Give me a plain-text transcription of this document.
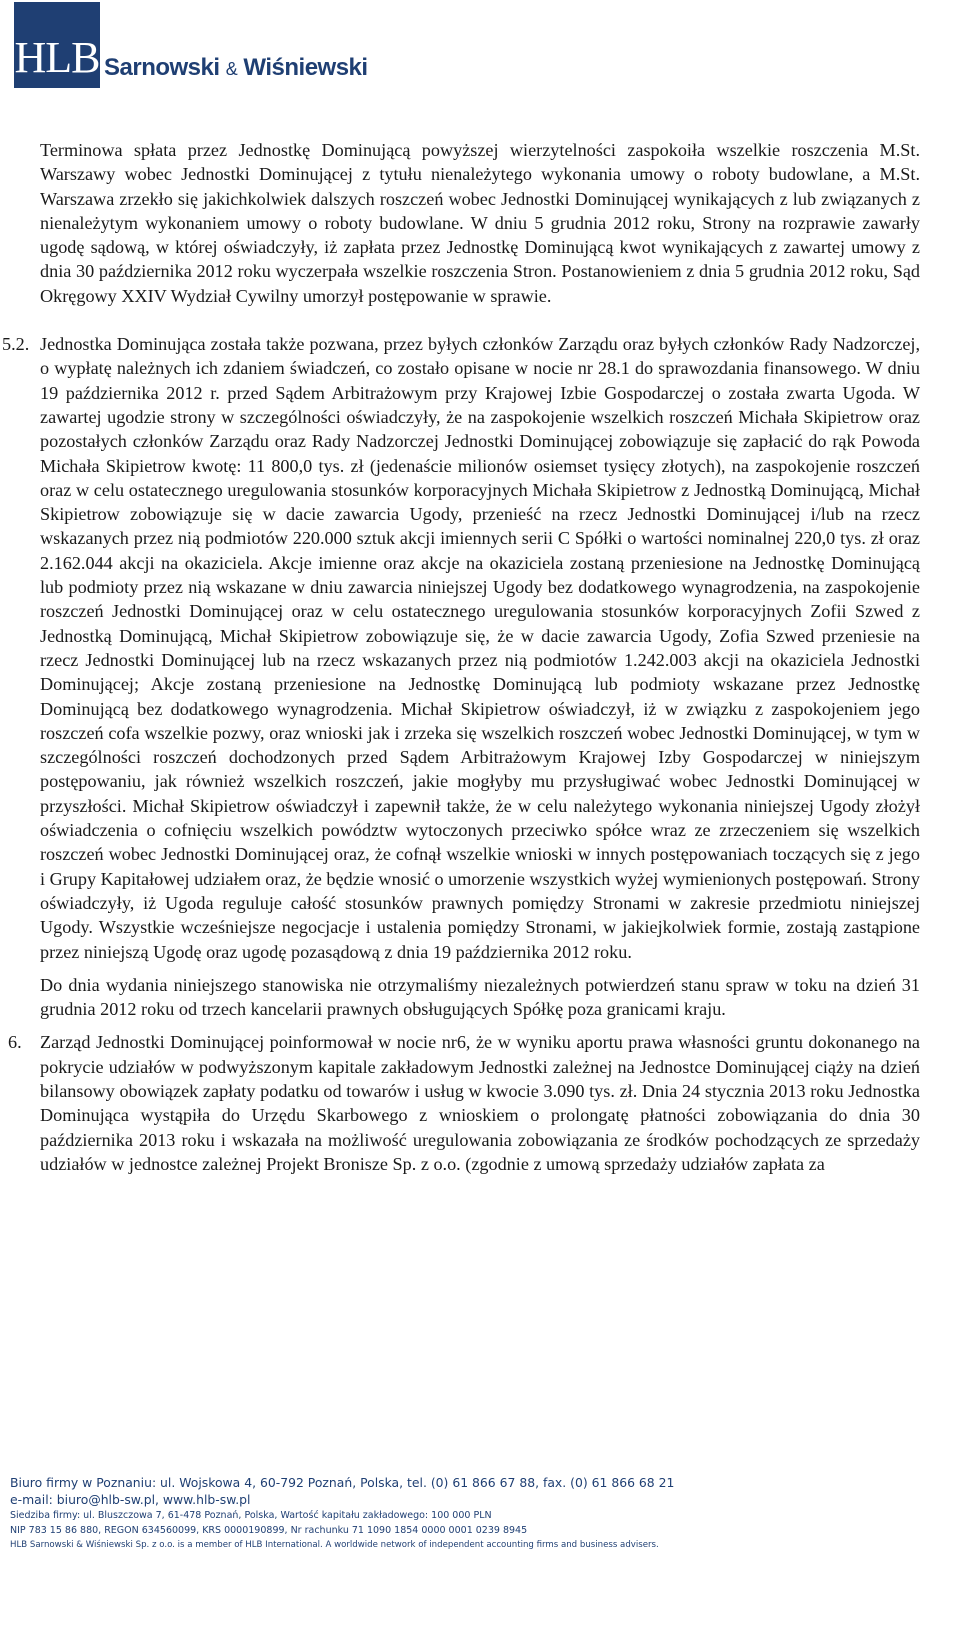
HLB Sarnowski & Wiśniewski

Terminowa spłata przez Jednostkę Dominującą powyższej wierzytelności zaspokoiła wszelkie roszczenia M.St. Warszawy wobec Jednostki Dominującej z tytułu nienależytego wykonania umowy o roboty budowlane, a M.St. Warszawa zrzekło się jakichkolwiek dalszych roszczeń wobec Jednostki Dominującej wynikających z lub związanych z nienależytym wykonaniem umowy o roboty budowlane. W dniu 5 grudnia 2012 roku, Strony na rozprawie zawarły ugodę sądową, w której oświadczyły, iż zapłata przez Jednostkę Dominującą kwot wynikających z zawartej umowy z dnia 30 października 2012 roku wyczerpała wszelkie roszczenia Stron. Postanowieniem z dnia 5 grudnia 2012 roku, Sąd Okręgowy XXIV Wydział Cywilny umorzył postępowanie w sprawie.

5.2. Jednostka Dominująca została także pozwana, przez byłych członków Zarządu oraz byłych członków Rady Nadzorczej, o wypłatę należnych ich zdaniem świadczeń, co zostało opisane w nocie nr 28.1 do sprawozdania finansowego. W dniu 19 października 2012 r. przed Sądem Arbitrażowym przy Krajowej Izbie Gospodarczej o została zwarta Ugoda. W zawartej ugodzie strony w szczególności oświadczyły, że na zaspokojenie wszelkich roszczeń Michała Skipietrow oraz pozostałych członków Zarządu oraz Rady Nadzorczej Jednostki Dominującej zobowiązuje się zapłacić do rąk Powoda Michała Skipietrow kwotę: 11 800,0 tys. zł (jedenaście milionów osiemset tysięcy złotych), na zaspokojenie roszczeń oraz w celu ostatecznego uregulowania stosunków korporacyjnych Michała Skipietrow z Jednostką Dominującą, Michał Skipietrow zobowiązuje się w dacie zawarcia Ugody, przenieść na rzecz Jednostki Dominującej i/lub na rzecz wskazanych przez nią podmiotów 220.000 sztuk akcji imiennych serii C Spółki o wartości nominalnej 220,0 tys. zł oraz 2.162.044 akcji na okaziciela. Akcje imienne oraz akcje na okaziciela zostaną przeniesione na Jednostkę Dominującą lub podmioty przez nią wskazane w dniu zawarcia niniejszej Ugody bez dodatkowego wynagrodzenia, na zaspokojenie roszczeń Jednostki Dominującej oraz w celu ostatecznego uregulowania stosunków korporacyjnych Zofii Szwed z Jednostką Dominującą, Michał Skipietrow zobowiązuje się, że w dacie zawarcia Ugody, Zofia Szwed przeniesie na rzecz Jednostki Dominującej lub na rzecz wskazanych przez nią podmiotów 1.242.003 akcji na okaziciela Jednostki Dominującej; Akcje zostaną przeniesione na Jednostkę Dominującą lub podmioty wskazane przez Jednostkę Dominującą bez dodatkowego wynagrodzenia. Michał Skipietrow oświadczył, iż w związku z zaspokojeniem jego roszczeń cofa wszelkie pozwy, oraz wnioski jak i zrzeka się wszelkich roszczeń wobec Jednostki Dominującej, w tym w szczególności roszczeń dochodzonych przed Sądem Arbitrażowym Krajowej Izby Gospodarczej w niniejszym postępowaniu, jak również wszelkich roszczeń, jakie mogłyby mu przysługiwać wobec Jednostki Dominującej w przyszłości. Michał Skipietrow oświadczył i zapewnił także, że w celu należytego wykonania niniejszej Ugody złożył oświadczenia o cofnięciu wszelkich powództw wytoczonych przeciwko spółce wraz ze zrzeczeniem się wszelkich roszczeń wobec Jednostki Dominującej oraz, że cofnął wszelkie wnioski w innych postępowaniach toczących się z jego i Grupy Kapitałowej udziałem oraz, że będzie wnosić o umorzenie wszystkich wyżej wymienionych postępowań. Strony oświadczyły, iż Ugoda reguluje całość stosunków prawnych pomiędzy Stronami w zakresie przedmiotu niniejszej Ugody. Wszystkie wcześniejsze negocjacje i ustalenia pomiędzy Stronami, w jakiejkolwiek formie, zostają zastąpione przez niniejszą Ugodę oraz ugodę pozasądową z dnia 19 października 2012 roku.

Do dnia wydania niniejszego stanowiska nie otrzymaliśmy niezależnych potwierdzeń stanu spraw w toku na dzień 31 grudnia 2012 roku od trzech kancelarii prawnych obsługujących Spółkę poza granicami kraju.

6. Zarząd Jednostki Dominującej poinformował w nocie nr6, że w wyniku aportu prawa własności gruntu dokonanego na pokrycie udziałów w podwyższonym kapitale zakładowym Jednostki zależnej na Jednostce Dominującej ciąży na dzień bilansowy obowiązek zapłaty podatku od towarów i usług w kwocie 3.090 tys. zł. Dnia 24 stycznia 2013 roku Jednostka Dominująca wystąpiła do Urzędu Skarbowego z wnioskiem o prolongatę płatności zobowiązania do dnia 30 października 2013 roku i wskazała na możliwość uregulowania zobowiązania ze środków pochodzących ze sprzedaży udziałów w jednostce zależnej Projekt Bronisze Sp. z o.o. (zgodnie z umową sprzedaży udziałów zapłata za

Biuro firmy w Poznaniu: ul. Wojskowa 4, 60-792 Poznań, Polska, tel. (0) 61 866 67 88, fax. (0) 61 866 68 21
e-mail: biuro@hlb-sw.pl, www.hlb-sw.pl
Siedziba firmy: ul. Bluszczowa 7, 61-478 Poznań, Polska, Wartość kapitału zakładowego: 100 000 PLN
NIP 783 15 86 880, REGON 634560099, KRS 0000190899, Nr rachunku 71 1090 1854 0000 0001 0239 8945
HLB Sarnowski & Wiśniewski Sp. z o.o. is a member of HLB International. A worldwide network of independent accounting firms and business advisers.
